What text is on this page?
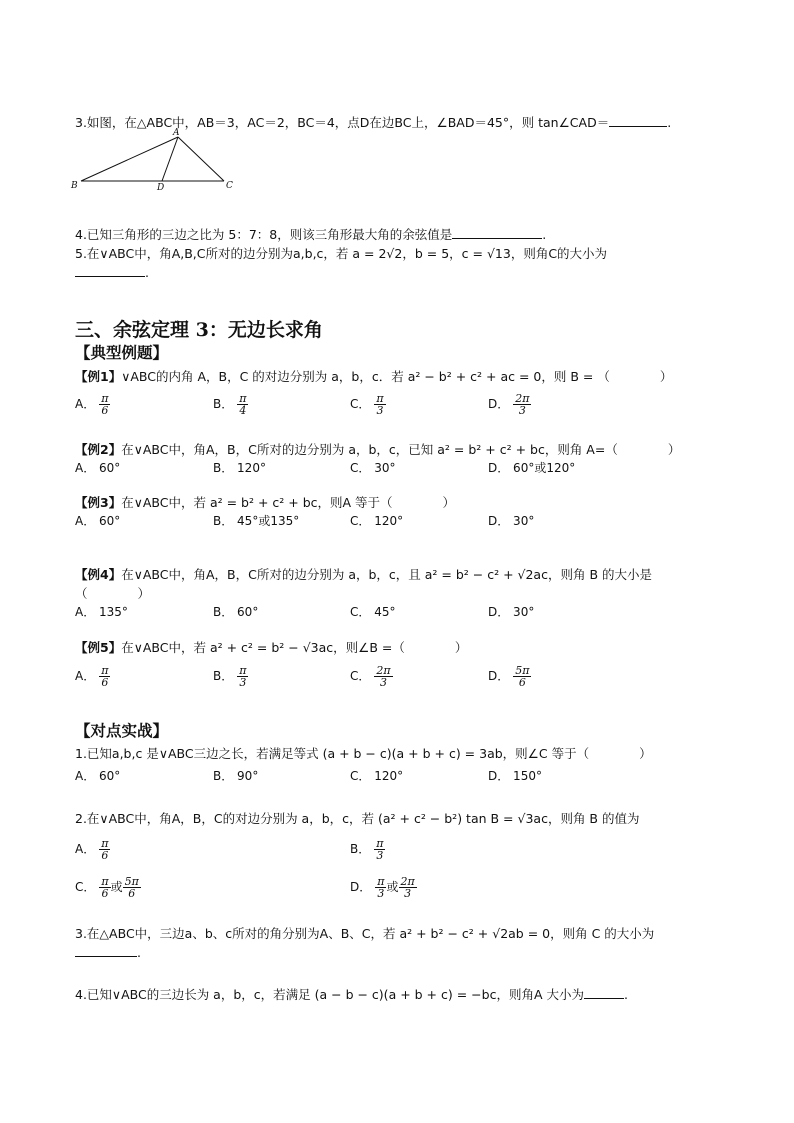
3.如图，在△ABC中，AB＝3，AC＝2，BC＝4，点D在边BC上，∠BAD＝45°，则 tan∠CAD＝	.
A
B	D	C
4.已知三角形的三边之比为 5：7：8，则该三角形最大角的余弦值是	.
5.在∨ABC中，角A,B,C所对的边分别为a,b,c，若 a = 2√2，b = 5，c = √13，则角C的大小为
.
三、余弦定理 3：无边长求角
【典型例题】
【例1】∨ABC的内角 A，B，C 的对边分别为 a，b，c．若 a² − b² + c² + ac = 0，则 B = （　　　　）
A． $\frac{\pi}{6}$	B． $\frac{\pi}{4}$	C． $\frac{\pi}{3}$	D． $\frac{2\pi}{3}$
【例2】在∨ABC中，角A，B，C所对的边分别为 a，b，c，已知 a² = b² + c² + bc，则角 A=（　　　　）
A． 60°	B． 120°	C． 30°	D． 60°或120°
【例3】在∨ABC中，若 a² = b² + c² + bc，则A 等于（　　　　）
A． 60°	B． 45°或135°	C． 120°	D． 30°
【例4】在∨ABC中，角A，B，C所对的边分别为 a，b，c，且 a² = b² − c² + √2ac，则角 B 的大小是
（　　　　）
A． 135°	B． 60°	C． 45°	D． 30°
【例5】在∨ABC中，若 a² + c² = b² − √3ac，则∠B =（　　　　）
A． $\frac{\pi}{6}$	B． $\frac{\pi}{3}$	C． $\frac{2\pi}{3}$	D． $\frac{5\pi}{6}$
【对点实战】
1.已知a,b,c 是∨ABC三边之长，若满足等式 (a + b − c)(a + b + c) = 3ab，则∠C 等于（　　　　）
A． 60°	B． 90°	C． 120°	D． 150°
2.在∨ABC中，角A，B，C的对边分别为 a，b，c，若 (a² + c² − b²) tan B = √3ac，则角 B 的值为
A． $\frac{\pi}{6}$	B． $\frac{\pi}{3}$
C． $\frac{\pi}{6}$ 或 $\frac{5\pi}{6}$	D． $\frac{\pi}{3}$ 或 $\frac{2\pi}{3}$
3.在△ABC中，三边a、b、c所对的角分别为A、B、C，若 a² + b² − c² + √2ab = 0，则角 C 的大小为
.
4.已知∨ABC的三边长为 a，b，c，若满足 (a − b − c)(a + b + c) = −bc，则角A 大小为	.
